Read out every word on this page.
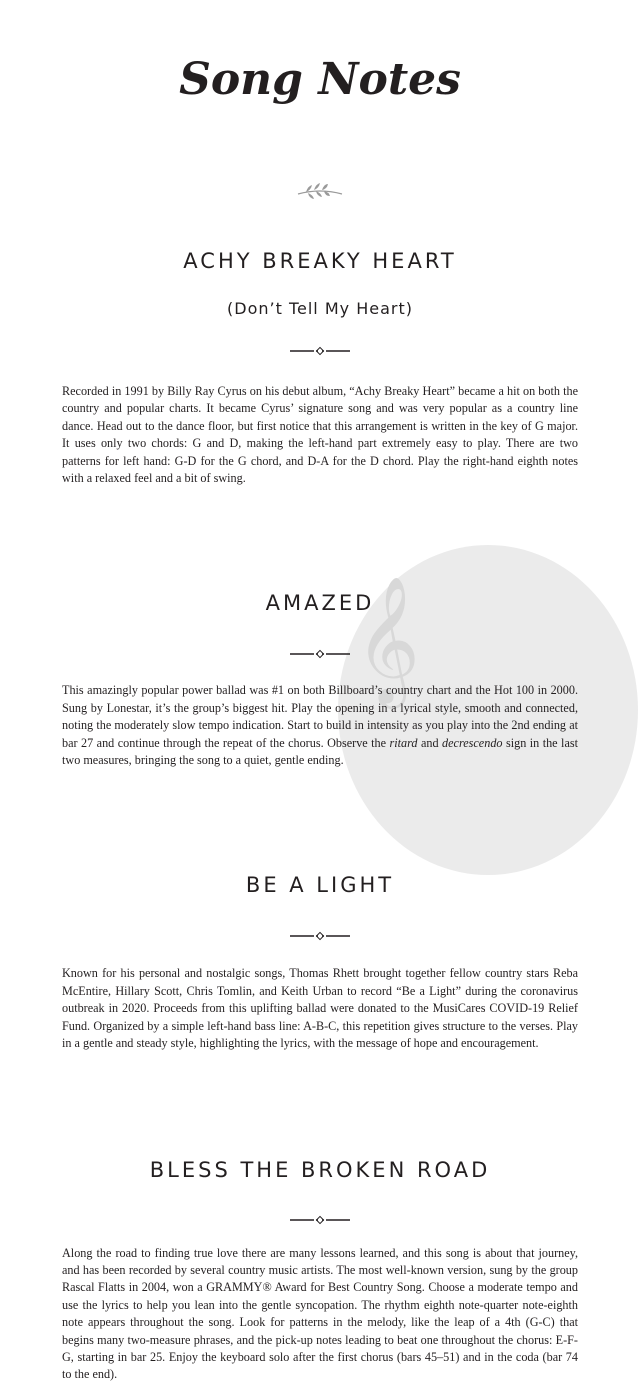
𝄞
Song Notes
ACHY BREAKY HEART
(Don’t Tell My Heart)

Recorded in 1991 by Billy Ray Cyrus on his debut album, “Achy Breaky Heart” became a hit on both the country and popular charts. It became Cyrus’ signature song and was very popular as a country line dance. Head out to the dance floor, but first notice that this arrangement is written in the key of G major. It uses only two chords: G and D, making the left-hand part extremely easy to play. There are two patterns for left hand: G-D for the G chord, and D-A for the D chord. Play the right-hand eighth notes with a relaxed feel and a bit of swing.

AMAZED

This amazingly popular power ballad was #1 on both Billboard’s country chart and the Hot 100 in 2000. Sung by Lonestar, it’s the group’s biggest hit. Play the opening in a lyrical style, smooth and connected, noting the moderately slow tempo indication. Start to build in intensity as you play into the 2nd ending at bar 27 and continue through the repeat of the chorus. Observe the ritard and decrescendo sign in the last two measures, bringing the song to a quiet, gentle ending.

BE A LIGHT

Known for his personal and nostalgic songs, Thomas Rhett brought together fellow country stars Reba McEntire, Hillary Scott, Chris Tomlin, and Keith Urban to record “Be a Light” during the coronavirus outbreak in 2020. Proceeds from this uplifting ballad were donated to the MusiCares COVID-19 Relief Fund. Organized by a simple left-hand bass line: A-B-C, this repetition gives structure to the verses. Play in a gentle and steady style, highlighting the lyrics, with the message of hope and encouragement.

BLESS THE BROKEN ROAD

Along the road to finding true love there are many lessons learned, and this song is about that journey, and has been recorded by several country music artists. The most well-known version, sung by the group Rascal Flatts in 2004, won a GRAMMY® Award for Best Country Song. Choose a moderate tempo and use the lyrics to help you lean into the gentle syncopation. The rhythm eighth note-quarter note-eighth note appears throughout the song. Look for patterns in the melody, like the leap of a 4th (G-C) that begins many two-measure phrases, and the pick-up notes leading to beat one throughout the chorus: E-F-G, starting in bar 25. Enjoy the keyboard solo after the first chorus (bars 45–51) and in the coda (bar 74 to the end).
